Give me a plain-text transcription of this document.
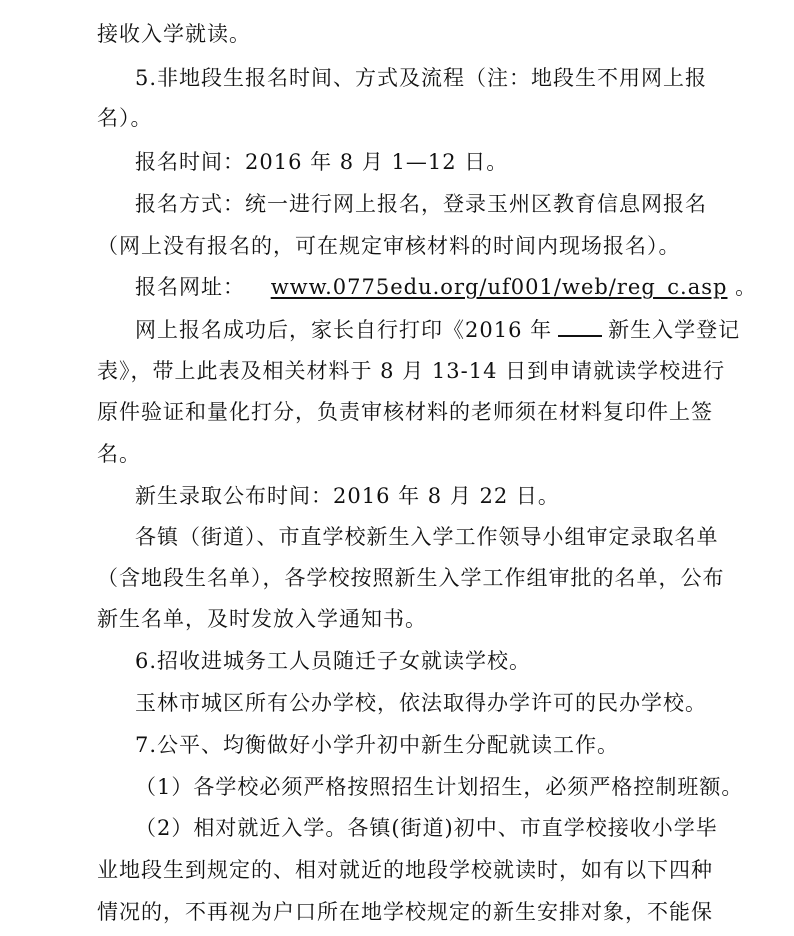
接收入学就读。
5.非地段生报名时间、方式及流程（注：地段生不用网上报
名）。
报名时间：2016 年 8 月 1—12 日。
报名方式：统一进行网上报名，登录玉州区教育信息网报名
（网上没有报名的，可在规定审核材料的时间内现场报名）。
报名网址： www.0775edu.org/uf001/web/reg_c.asp 。
网上报名成功后，家长自行打印《2016 年	新生入学登记
表》，带上此表及相关材料于 8 月 13-14 日到申请就读学校进行
原件验证和量化打分，负责审核材料的老师须在材料复印件上签
名。
新生录取公布时间：2016 年 8 月 22 日。
各镇（街道）、市直学校新生入学工作领导小组审定录取名单
（含地段生名单），各学校按照新生入学工作组审批的名单，公布
新生名单，及时发放入学通知书。
6.招收进城务工人员随迁子女就读学校。
玉林市城区所有公办学校，依法取得办学许可的民办学校。
7.公平、均衡做好小学升初中新生分配就读工作。
（1）各学校必须严格按照招生计划招生，必须严格控制班额。
（2）相对就近入学。各镇(街道)初中、市直学校接收小学毕
业地段生到规定的、相对就近的地段学校就读时，如有以下四种
情况的，不再视为户口所在地学校规定的新生安排对象，不能保
